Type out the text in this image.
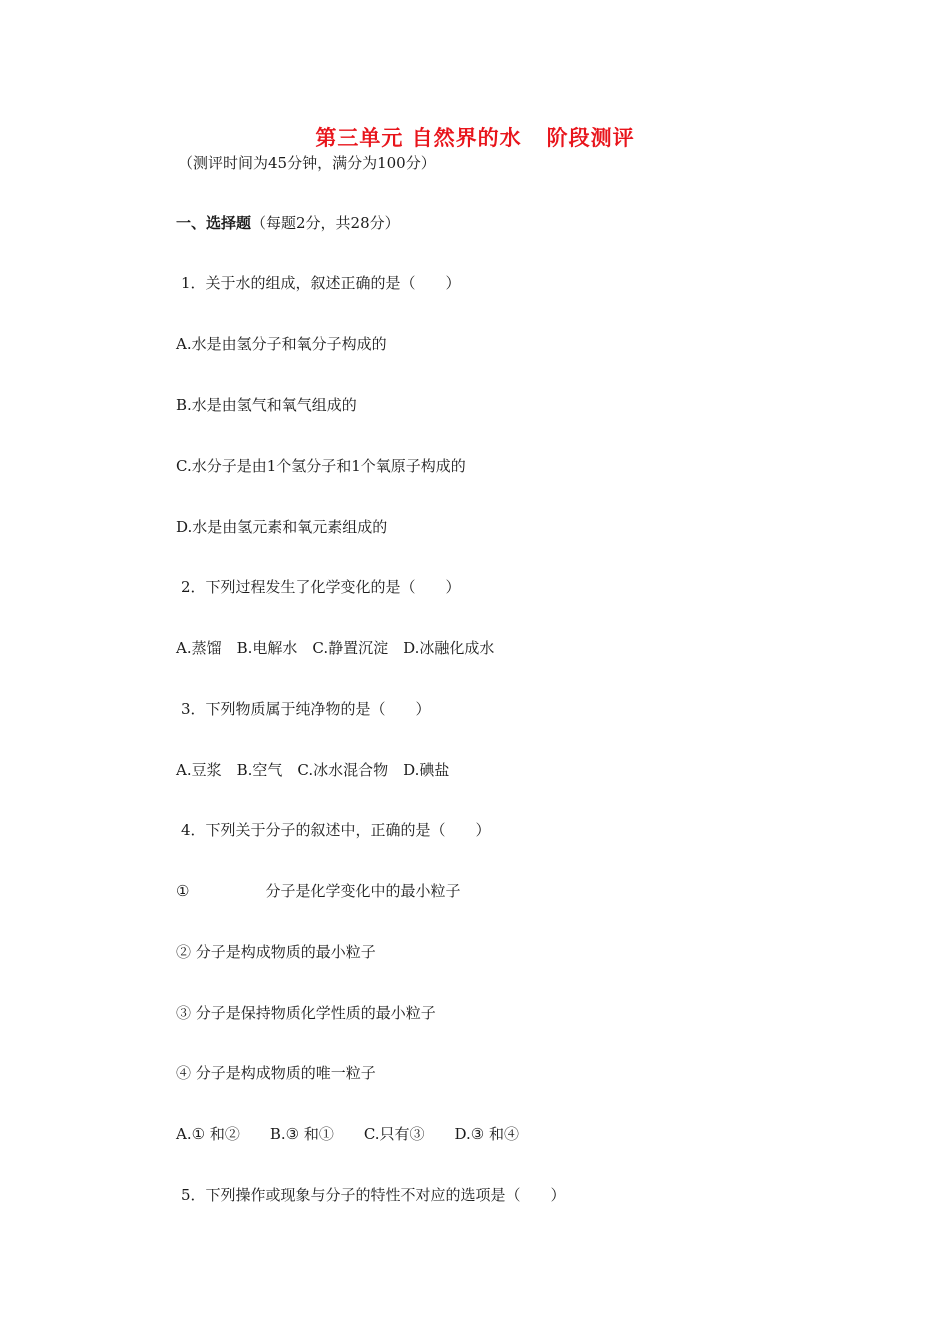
第三单元 自然界的水   阶段测评
（测评时间为45分钟，满分为100分）
一、选择题（每题2分，共28分）
1．关于水的组成，叙述正确的是（　　）
A.水是由氢分子和氧分子构成的
B.水是由氢气和氧气组成的
C.水分子是由1个氢分子和1个氧原子构成的
D.水是由氢元素和氧元素组成的
2．下列过程发生了化学变化的是（　　）
A.蒸馏　B.电解水　C.静置沉淀　D.冰融化成水
3．下列物质属于纯净物的是（　　）
A.豆浆　B.空气　C.冰水混合物　D.碘盐
4．下列关于分子的叙述中，正确的是（　　）
①	分子是化学变化中的最小粒子
② 分子是构成物质的最小粒子
③ 分子是保持物质化学性质的最小粒子
④ 分子是构成物质的唯一粒子
A.① 和②　　B.③ 和①　　C.只有③　　D.③ 和④
5．下列操作或现象与分子的特性不对应的选项是（　　）
